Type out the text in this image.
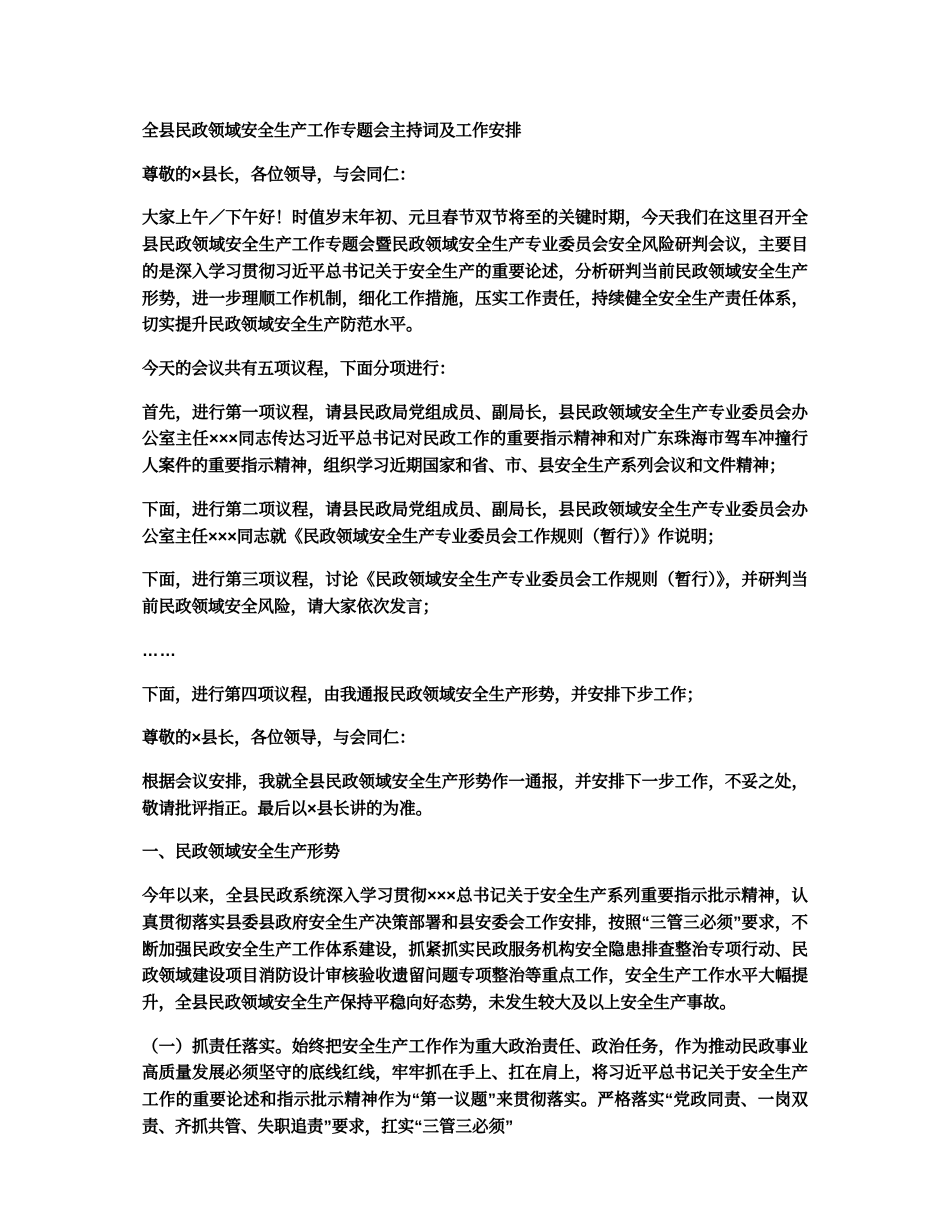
全县民政领域安全生产工作专题会主持词及工作安排

尊敬的×县长，各位领导，与会同仁：

大家上午／下午好！时值岁末年初、元旦春节双节将至的关键时期，今天我们在这里召开全县民政领域安全生产工作专题会暨民政领域安全生产专业委员会安全风险研判会议，主要目的是深入学习贯彻习近平总书记关于安全生产的重要论述，分析研判当前民政领域安全生产形势，进一步理顺工作机制，细化工作措施，压实工作责任，持续健全安全生产责任体系，切实提升民政领域安全生产防范水平。

今天的会议共有五项议程，下面分项进行：

首先，进行第一项议程，请县民政局党组成员、副局长，县民政领域安全生产专业委员会办公室主任×××同志传达习近平总书记对民政工作的重要指示精神和对广东珠海市驾车冲撞行人案件的重要指示精神，组织学习近期国家和省、市、县安全生产系列会议和文件精神；

下面，进行第二项议程，请县民政局党组成员、副局长，县民政领域安全生产专业委员会办公室主任×××同志就《民政领域安全生产专业委员会工作规则（暂行）》作说明；

下面，进行第三项议程，讨论《民政领域安全生产专业委员会工作规则（暂行）》，并研判当前民政领域安全风险，请大家依次发言；

……

下面，进行第四项议程，由我通报民政领域安全生产形势，并安排下步工作；

尊敬的×县长，各位领导，与会同仁：

根据会议安排，我就全县民政领域安全生产形势作一通报，并安排下一步工作，不妥之处，敬请批评指正。最后以×县长讲的为准。

一、民政领域安全生产形势

今年以来，全县民政系统深入学习贯彻×××总书记关于安全生产系列重要指示批示精神，认真贯彻落实县委县政府安全生产决策部署和县安委会工作安排，按照“三管三必须”要求，不断加强民政安全生产工作体系建设，抓紧抓实民政服务机构安全隐患排查整治专项行动、民政领域建设项目消防设计审核验收遗留问题专项整治等重点工作，安全生产工作水平大幅提升，全县民政领域安全生产保持平稳向好态势，未发生较大及以上安全生产事故。

（一）抓责任落实。始终把安全生产工作作为重大政治责任、政治任务，作为推动民政事业高质量发展必须坚守的底线红线，牢牢抓在手上、扛在肩上，将习近平总书记关于安全生产工作的重要论述和指示批示精神作为“第一议题”来贯彻落实。严格落实“党政同责、一岗双责、齐抓共管、失职追责”要求，扛实“三管三必须”
